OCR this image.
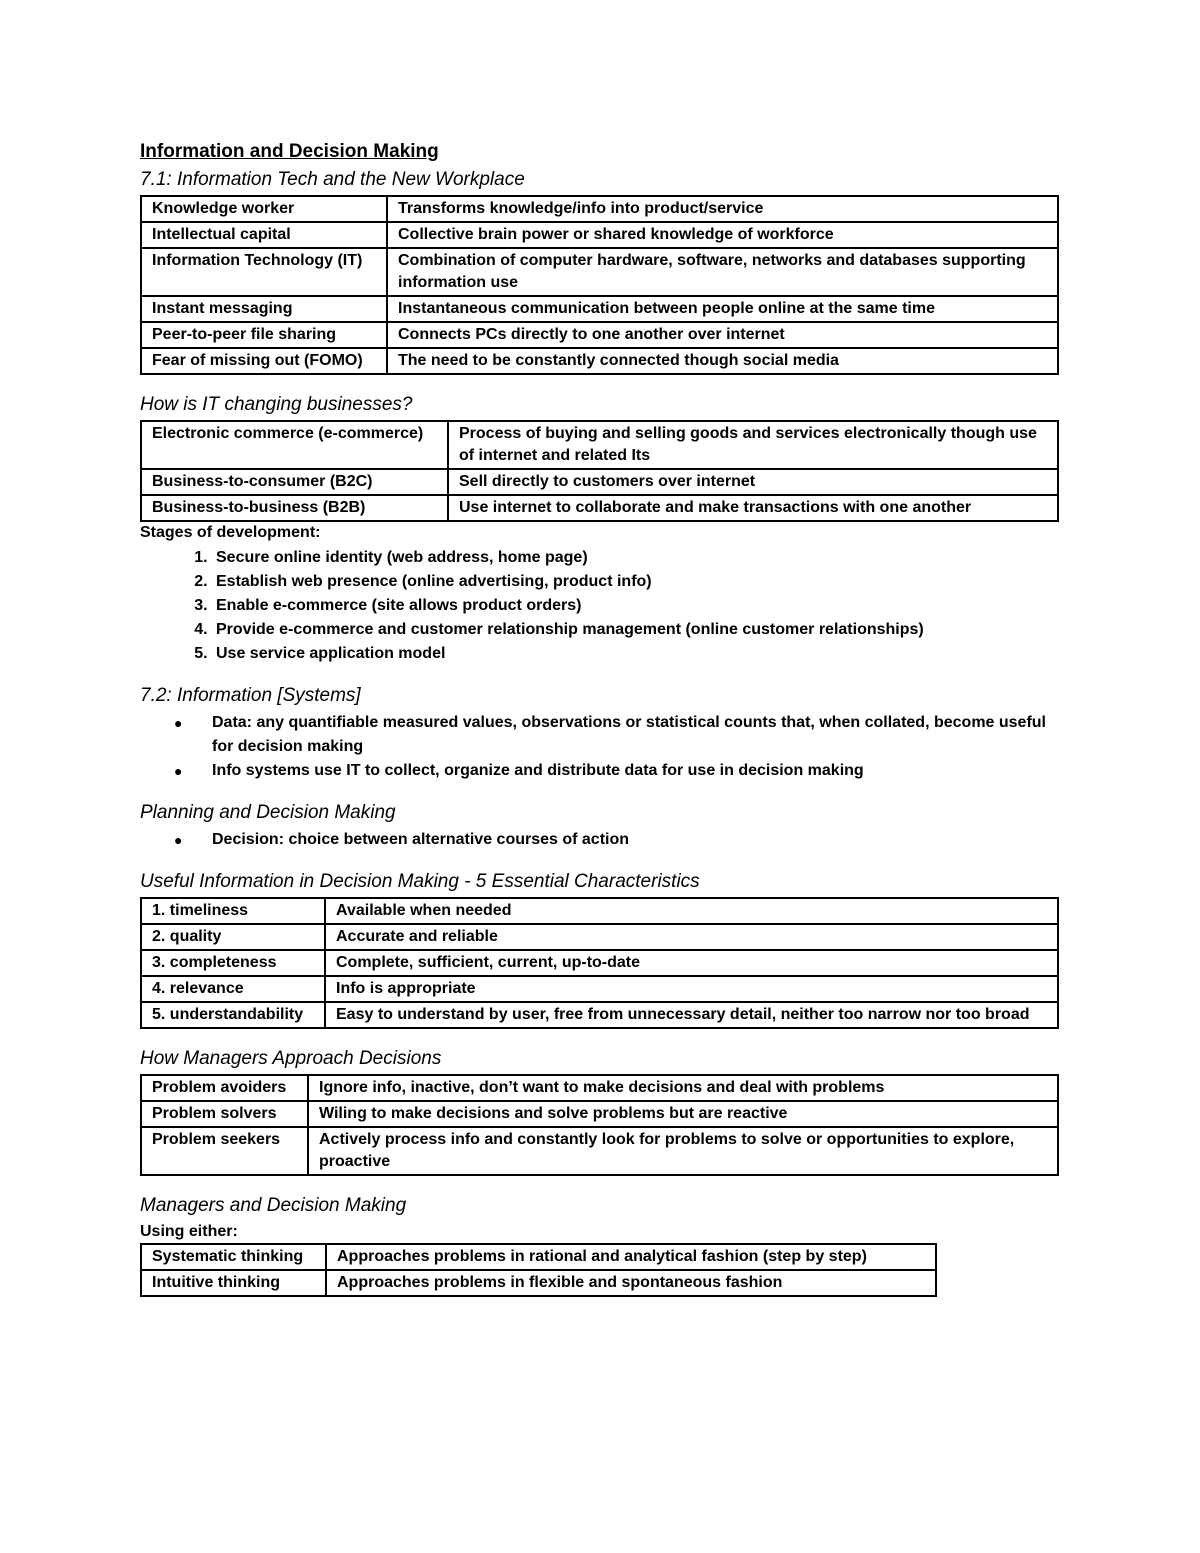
Information and Decision Making
7.1: Information Tech and the New Workplace
Knowledge worker	Transforms knowledge/info into product/service
Intellectual capital	Collective brain power or shared knowledge of workforce
Information Technology (IT)	Combination of computer hardware, software, networks and databases supporting information use
Instant messaging	Instantaneous communication between people online at the same time
Peer-to-peer file sharing	Connects PCs directly to one another over internet
Fear of missing out (FOMO)	The need to be constantly connected though social media
How is IT changing businesses?
Electronic commerce (e-commerce)	Process of buying and selling goods and services electronically though use of internet and related Its
Business-to-consumer (B2C)	Sell directly to customers over internet
Business-to-business (B2B)	Use internet to collaborate and make transactions with one another
Stages of development:
1. Secure online identity (web address, home page)
2. Establish web presence (online advertising, product info)
3. Enable e-commerce (site allows product orders)
4. Provide e-commerce and customer relationship management (online customer relationships)
5. Use service application model
7.2: Information [Systems]
● Data: any quantifiable measured values, observations or statistical counts that, when collated, become useful for decision making
● Info systems use IT to collect, organize and distribute data for use in decision making
Planning and Decision Making
● Decision: choice between alternative courses of action
Useful Information in Decision Making - 5 Essential Characteristics
1. timeliness	Available when needed
2. quality	Accurate and reliable
3. completeness	Complete, sufficient, current, up-to-date
4. relevance	Info is appropriate
5. understandability	Easy to understand by user, free from unnecessary detail, neither too narrow nor too broad
How Managers Approach Decisions
Problem avoiders	Ignore info, inactive, don’t want to make decisions and deal with problems
Problem solvers	Wiling to make decisions and solve problems but are reactive
Problem seekers	Actively process info and constantly look for problems to solve or opportunities to explore, proactive
Managers and Decision Making
Using either:
Systematic thinking	Approaches problems in rational and analytical fashion (step by step)
Intuitive thinking	Approaches problems in flexible and spontaneous fashion
